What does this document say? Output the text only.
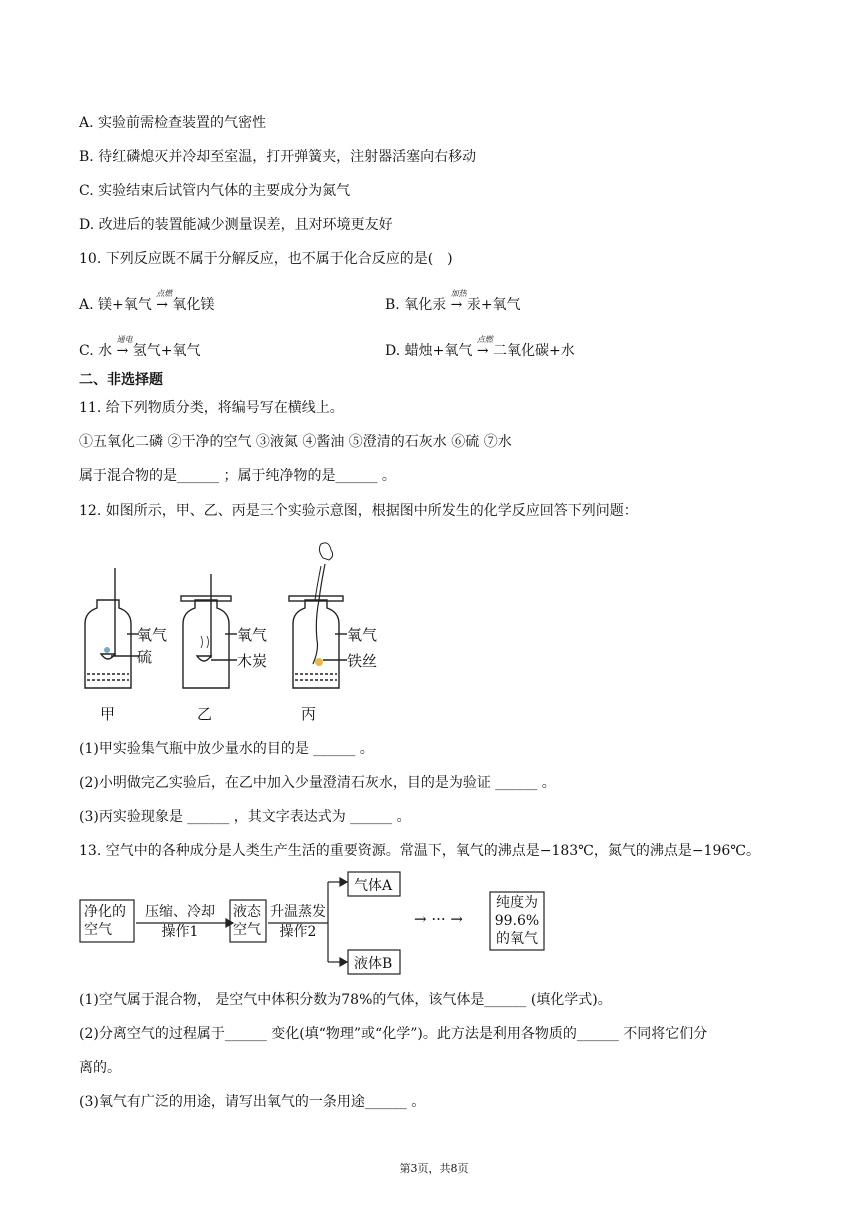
A. 实验前需检查装置的气密性
B. 待红磷熄灭并冷却至室温，打开弹簧夹，注射器活塞向右移动
C. 实验结束后试管内气体的主要成分为氮气
D. 改进后的装置能减少测量误差，且对环境更友好
10. 下列反应既不属于分解反应，也不属于化合反应的是(　)
A. 镁+氧气
点燃
→ 氧化镁	B. 氧化汞
加热
→ 汞+氧气
C. 水
通电
→ 氢气+氧气	D. 蜡烛+氧气
点燃
→ 二氧化碳+水
二、非选择题
11. 给下列物质分类，将编号写在横线上。
①五氧化二磷 ②干净的空气 ③液氮 ④酱油 ⑤澄清的石灰水 ⑥硫 ⑦水
属于混合物的是______ ；属于纯净物的是______ 。
12. 如图所示，甲、乙、丙是三个实验示意图，根据图中所发生的化学反应回答下列问题：
氧气
硫
甲
氧气
木炭
乙
氧气
铁丝
丙
(1)甲实验集气瓶中放少量水的目的是 ______ 。
(2)小明做完乙实验后，在乙中加入少量澄清石灰水，目的是为验证 ______ 。
(3)丙实验现象是 ______ ，其文字表达式为 ______ 。
13. 空气中的各种成分是人类生产生活的重要资源。常温下，氧气的沸点是−183℃，氮气的沸点是−196℃。
净化的
空气
压缩、冷却
操作1
液态
空气
升温蒸发
操作2
气体A
液体B
→ ··· →
纯度为
99.6%
的氧气
(1)空气属于混合物， 是空气中体积分数为78%的气体，该气体是______ (填化学式)。
(2)分离空气的过程属于______ 变化(填“物理”或“化学”)。此方法是利用各物质的______ 不同将它们分
离的。
(3)氧气有广泛的用途，请写出氧气的一条用途______ 。
第3页，共8页
